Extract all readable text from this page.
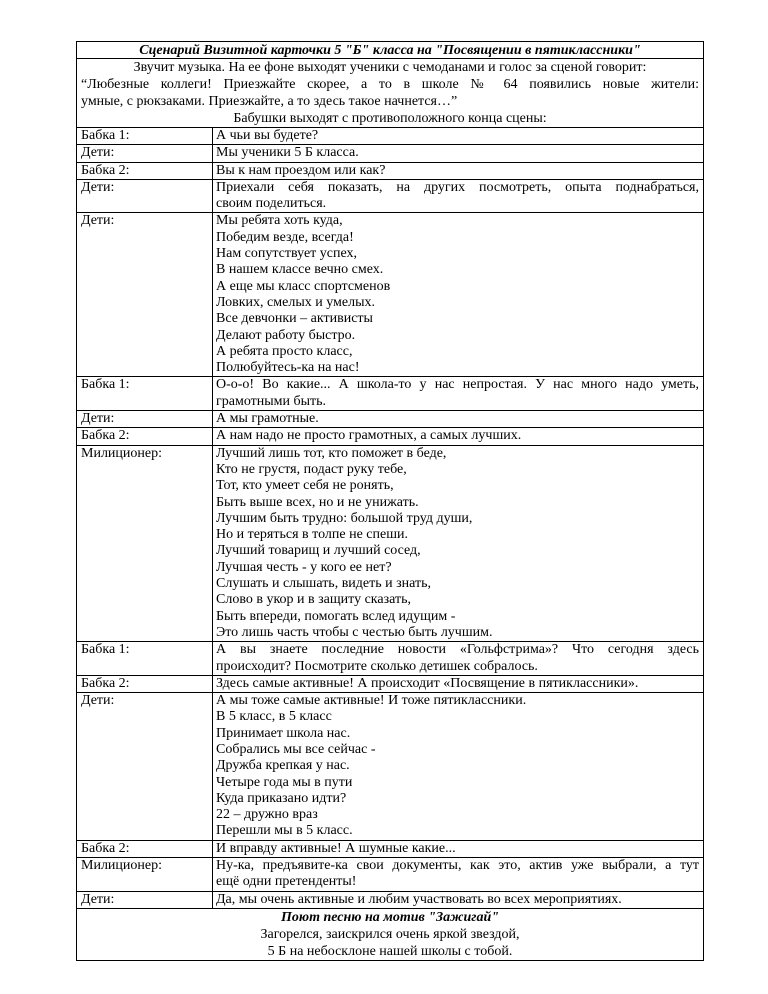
Сценарий Визитной карточки 5 "Б" класса на "Посвящении в пятиклассники"
Звучит музыка. На ее фоне выходят ученики с чемоданами и голос за сценой говорит:
“Любезные коллеги! Приезжайте скорее, а то в школе № 64 появились новые жители:
умные, с рюкзаками. Приезжайте, а то здесь такое начнется…”
Бабушки выходят с противоположного конца сцены:
Бабка 1:	А чьи вы будете?
Дети:	Мы ученики 5 Б класса.
Бабка 2:	Вы к нам проездом или как?
Дети:	Приехали себя показать, на других посмотреть, опыта поднабраться,
своим поделиться.
Дети:	Мы ребята хоть куда,
Победим везде, всегда!
Нам сопутствует успех,
В нашем классе вечно смех.
А еще мы класс спортсменов
Ловких, смелых и умелых.
Все девчонки – активисты
Делают работу быстро.
А ребята просто класс,
Полюбуйтесь-ка на нас!
Бабка 1:	О-о-о! Во какие... А школа-то у нас непростая. У нас много надо уметь,
грамотными быть.
Дети:	А мы грамотные.
Бабка 2:	А нам надо не просто грамотных, а самых лучших.
Милиционер:	Лучший лишь тот, кто поможет в беде,
Кто не грустя, подаст руку тебе,
Тот, кто умеет себя не ронять,
Быть выше всех, но и не унижать.
Лучшим быть трудно: большой труд души,
Но и теряться в толпе не спеши.
Лучший товарищ и лучший сосед,
Лучшая честь - у кого ее нет?
Слушать и слышать, видеть и знать,
Слово в укор и в защиту сказать,
Быть впереди, помогать вслед идущим -
Это лишь часть чтобы с честью быть лучшим.
Бабка 1:	А вы знаете последние новости «Гольфстрима»? Что сегодня здесь
происходит? Посмотрите сколько детишек собралось.
Бабка 2:	Здесь самые активные! А происходит «Посвящение в пятиклассники».
Дети:	А мы тоже самые активные! И тоже пятиклассники.
В 5 класс, в 5 класс
Принимает школа нас.
Собрались мы все сейчас -
Дружба крепкая у нас.
Четыре года мы в пути
Куда приказано идти?
22 – дружно враз
Перешли мы в 5 класс.
Бабка 2:	И вправду активные! А шумные какие...
Милиционер:	Ну-ка, предъявите-ка свои документы, как это, актив уже выбрали, а тут
ещё одни претенденты!
Дети:	Да, мы очень активные и любим участвовать во всех мероприятиях.
Поют песню на мотив "Зажигай"
Загорелся, заискрился очень яркой звездой,
5 Б на небосклоне нашей школы с тобой.
